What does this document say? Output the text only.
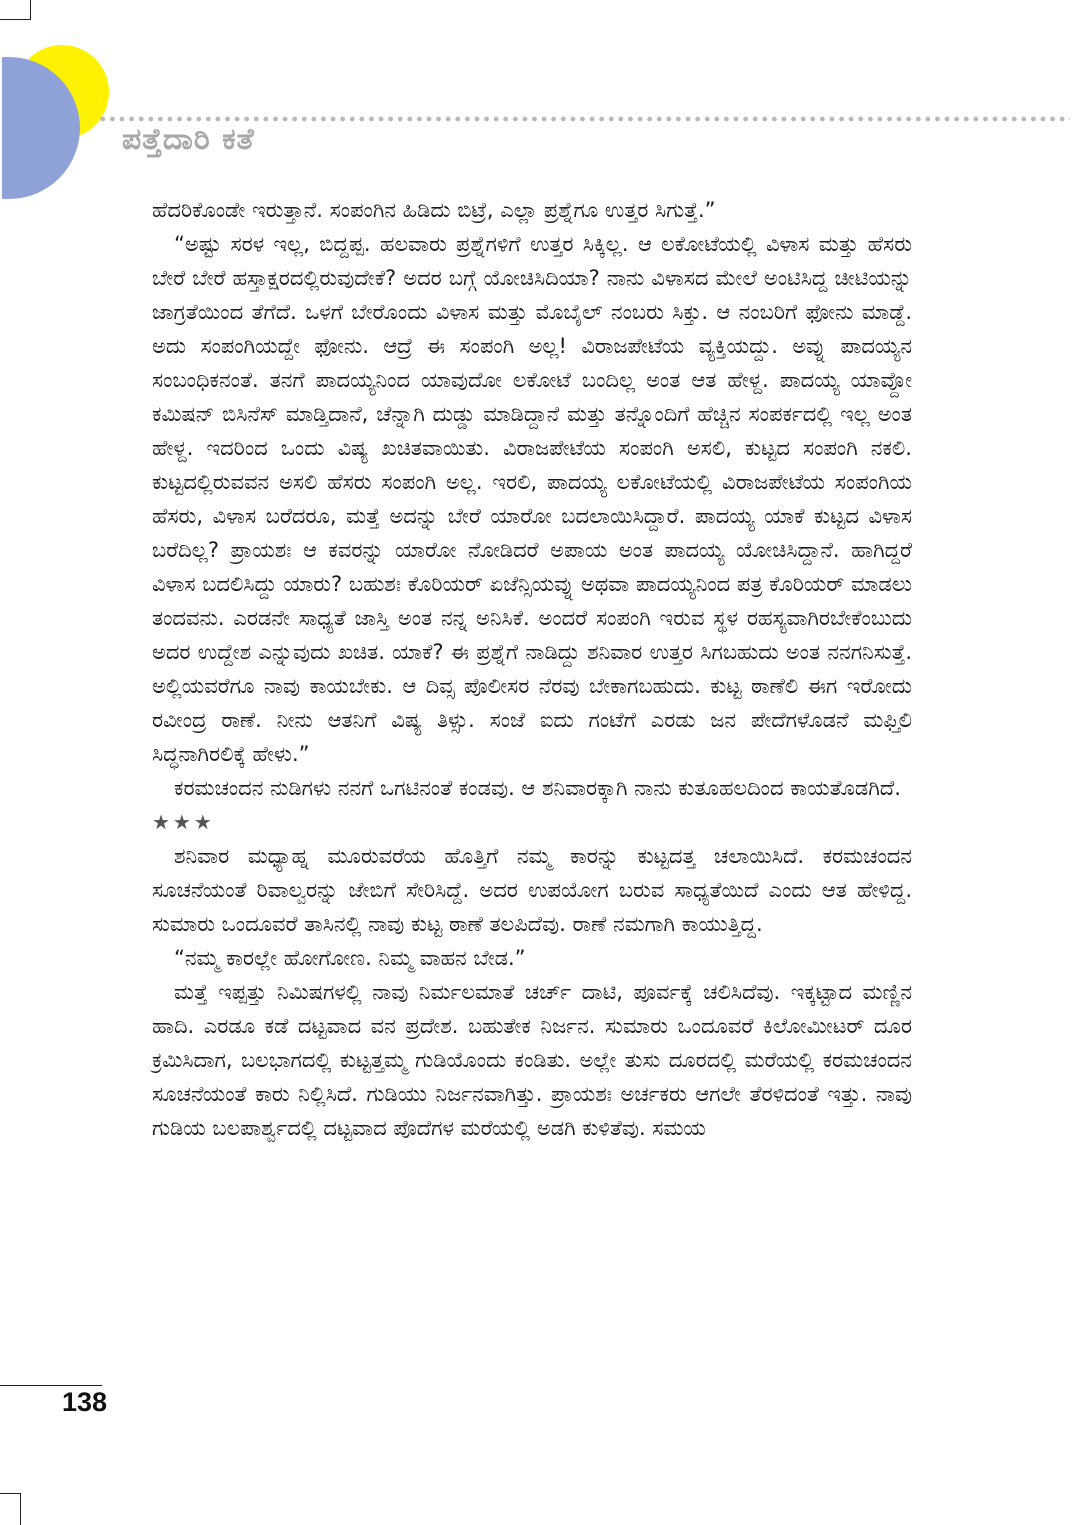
ಪತ್ತೆದಾರಿ ಕತೆ

ಹೆದರಿಕೊಂಡೇ ಇರುತ್ತಾನೆ. ಸಂಪಂಗಿನ ಹಿಡಿದು ಬಿಟ್ರೆ, ಎಲ್ಲಾ ಪ್ರಶ್ನೆಗೂ ಉತ್ತರ ಸಿಗುತ್ತೆ.”

“ಅಷ್ಟು ಸರಳ ಇಲ್ಲ, ಬಿದ್ದಪ್ಪ. ಹಲವಾರು ಪ್ರಶ್ನೆಗಳಿಗೆ ಉತ್ತರ ಸಿಕ್ಕಿಲ್ಲ. ಆ ಲಕೋಟೆಯಲ್ಲಿ ವಿಳಾಸ ಮತ್ತು ಹೆಸರು ಬೇರೆ ಬೇರೆ ಹಸ್ತಾಕ್ಷರದಲ್ಲಿರುವುದೇಕೆ? ಅದರ ಬಗ್ಗೆ ಯೋಚಿಸಿದಿಯಾ? ನಾನು ವಿಳಾಸದ ಮೇಲೆ ಅಂಟಿಸಿದ್ದ ಚೀಟಿಯನ್ನು ಜಾಗ್ರತೆಯಿಂದ ತೆಗೆದೆ. ಒಳಗೆ ಬೇರೊಂದು ವಿಳಾಸ ಮತ್ತು ಮೊಬೈಲ್ ನಂಬರು ಸಿಕ್ತು. ಆ ನಂಬರಿಗೆ ಫೋನು ಮಾಡ್ದೆ. ಅದು ಸಂಪಂಗಿಯದ್ದೇ ಫೋನು. ಆದ್ರೆ ಈ ಸಂಪಂಗಿ ಅಲ್ಲ! ವಿರಾಜಪೇಟೆಯ ವ್ಯಕ್ತಿಯದ್ದು. ಅವ್ನು ಪಾದಯ್ಯನ ಸಂಬಂಧಿಕನಂತೆ. ತನಗೆ ಪಾದಯ್ಯನಿಂದ ಯಾವುದೋ ಲಕೋಟೆ ಬಂದಿಲ್ಲ ಅಂತ ಆತ ಹೇಳ್ದ. ಪಾದಯ್ಯ ಯಾವ್ದೋ ಕಮಿಷನ್ ಬಿಸಿನೆಸ್ ಮಾಡ್ತಿದಾನೆ, ಚೆನ್ನಾಗಿ ದುಡ್ಡು ಮಾಡಿದ್ದಾನೆ ಮತ್ತು ತನ್ನೊಂದಿಗೆ ಹೆಚ್ಚಿನ ಸಂಪರ್ಕದಲ್ಲಿ ಇಲ್ಲ ಅಂತ ಹೇಳ್ದ. ಇದರಿಂದ ಒಂದು ವಿಷ್ಯ ಖಚಿತವಾಯಿತು. ವಿರಾಜಪೇಟೆಯ ಸಂಪಂಗಿ ಅಸಲಿ, ಕುಟ್ಟದ ಸಂಪಂಗಿ ನಕಲಿ. ಕುಟ್ಟದಲ್ಲಿರುವವನ ಅಸಲಿ ಹೆಸರು ಸಂಪಂಗಿ ಅಲ್ಲ. ಇರಲಿ, ಪಾದಯ್ಯ ಲಕೋಟೆಯಲ್ಲಿ ವಿರಾಜಪೇಟೆಯ ಸಂಪಂಗಿಯ ಹೆಸರು, ವಿಳಾಸ ಬರೆದರೂ, ಮತ್ತೆ ಅದನ್ನು ಬೇರೆ ಯಾರೋ ಬದಲಾಯಿಸಿದ್ದಾರೆ. ಪಾದಯ್ಯ ಯಾಕೆ ಕುಟ್ಟದ ವಿಳಾಸ ಬರೆದಿಲ್ಲ? ಪ್ರಾಯಶಃ ಆ ಕವರನ್ನು ಯಾರೋ ನೋಡಿದರೆ ಅಪಾಯ ಅಂತ ಪಾದಯ್ಯ ಯೋಚಿಸಿದ್ದಾನೆ. ಹಾಗಿದ್ದರೆ ವಿಳಾಸ ಬದಲಿಸಿದ್ದು ಯಾರು? ಬಹುಶಃ ಕೊರಿಯರ್ ಏಜೆನ್ಸಿಯವ್ನು ಅಥವಾ ಪಾದಯ್ಯನಿಂದ ಪತ್ರ ಕೊರಿಯರ್ ಮಾಡಲು ತಂದವನು. ಎರಡನೇ ಸಾಧ್ಯತೆ ಜಾಸ್ತಿ ಅಂತ ನನ್ನ ಅನಿಸಿಕೆ. ಅಂದರೆ ಸಂಪಂಗಿ ಇರುವ ಸ್ಥಳ ರಹಸ್ಯವಾಗಿರಬೇಕೆಂಬುದು ಅದರ ಉದ್ದೇಶ ಎನ್ನುವುದು ಖಚಿತ. ಯಾಕೆ? ಈ ಪ್ರಶ್ನೆಗೆ ನಾಡಿದ್ದು ಶನಿವಾರ ಉತ್ತರ ಸಿಗಬಹುದು ಅಂತ ನನಗನಿಸುತ್ತೆ. ಅಲ್ಲಿಯವರೆಗೂ ನಾವು ಕಾಯಬೇಕು. ಆ ದಿವ್ಸ ಪೊಲೀಸರ ನೆರವು ಬೇಕಾಗಬಹುದು. ಕುಟ್ಟ ಠಾಣೆಲಿ ಈಗ ಇರೋದು ರವೀಂದ್ರ ರಾಣೆ. ನೀನು ಆತನಿಗೆ ವಿಷ್ಯ ತಿಳ್ಸು. ಸಂಜೆ ಐದು ಗಂಟೆಗೆ ಎರಡು ಜನ ಪೇದೆಗಳೊಡನೆ ಮಫ್ತಿಲಿ ಸಿದ್ಧನಾಗಿರಲಿಕ್ಕೆ ಹೇಳು.”

ಕರಮಚಂದನ ನುಡಿಗಳು ನನಗೆ ಒಗಟಿನಂತೆ ಕಂಡವು. ಆ ಶನಿವಾರಕ್ಕಾಗಿ ನಾನು ಕುತೂಹಲದಿಂದ ಕಾಯತೊಡಗಿದೆ.

★★★

ಶನಿವಾರ ಮಧ್ಯಾಹ್ನ ಮೂರುವರೆಯ ಹೊತ್ತಿಗೆ ನಮ್ಮ ಕಾರನ್ನು ಕುಟ್ಟದತ್ತ ಚಲಾಯಿಸಿದೆ. ಕರಮಚಂದನ ಸೂಚನೆಯಂತೆ ರಿವಾಲ್ವರನ್ನು ಜೇಬಿಗೆ ಸೇರಿಸಿದ್ದೆ. ಅದರ ಉಪಯೋಗ ಬರುವ ಸಾಧ್ಯತೆಯಿದೆ ಎಂದು ಆತ ಹೇಳಿದ್ದ. ಸುಮಾರು ಒಂದೂವರೆ ತಾಸಿನಲ್ಲಿ ನಾವು ಕುಟ್ಟ ಠಾಣೆ ತಲಪಿದೆವು. ರಾಣೆ ನಮಗಾಗಿ ಕಾಯುತ್ತಿದ್ದ.

“ನಮ್ಮ ಕಾರಲ್ಲೇ ಹೋಗೋಣ. ನಿಮ್ಮ ವಾಹನ ಬೇಡ.”

ಮತ್ತೆ ಇಪ್ಪತ್ತು ನಿಮಿಷಗಳಲ್ಲಿ ನಾವು ನಿರ್ಮಲಮಾತೆ ಚರ್ಚ್ ದಾಟಿ, ಪೂರ್ವಕ್ಕೆ ಚಲಿಸಿದೆವು. ಇಕ್ಕಟ್ಟಾದ ಮಣ್ಣಿನ ಹಾದಿ. ಎರಡೂ ಕಡೆ ದಟ್ಟವಾದ ವನ ಪ್ರದೇಶ. ಬಹುತೇಕ ನಿರ್ಜನ. ಸುಮಾರು ಒಂದೂವರೆ ಕಿಲೋಮೀಟರ್ ದೂರ ಕ್ರಮಿಸಿದಾಗ, ಬಲಭಾಗದಲ್ಲಿ ಕುಟ್ಟತ್ತಮ್ಮ ಗುಡಿಯೊಂದು ಕಂಡಿತು. ಅಲ್ಲೇ ತುಸು ದೂರದಲ್ಲಿ ಮರೆಯಲ್ಲಿ ಕರಮಚಂದನ ಸೂಚನೆಯಂತೆ ಕಾರು ನಿಲ್ಲಿಸಿದೆ. ಗುಡಿಯು ನಿರ್ಜನವಾಗಿತ್ತು. ಪ್ರಾಯಶಃ ಅರ್ಚಕರು ಆಗಲೇ ತೆರಳಿದಂತೆ ಇತ್ತು. ನಾವು ಗುಡಿಯ ಬಲಪಾರ್ಶ್ವದಲ್ಲಿ ದಟ್ಟವಾದ ಪೊದೆಗಳ ಮರೆಯಲ್ಲಿ ಅಡಗಿ ಕುಳಿತೆವು. ಸಮಯ

138
